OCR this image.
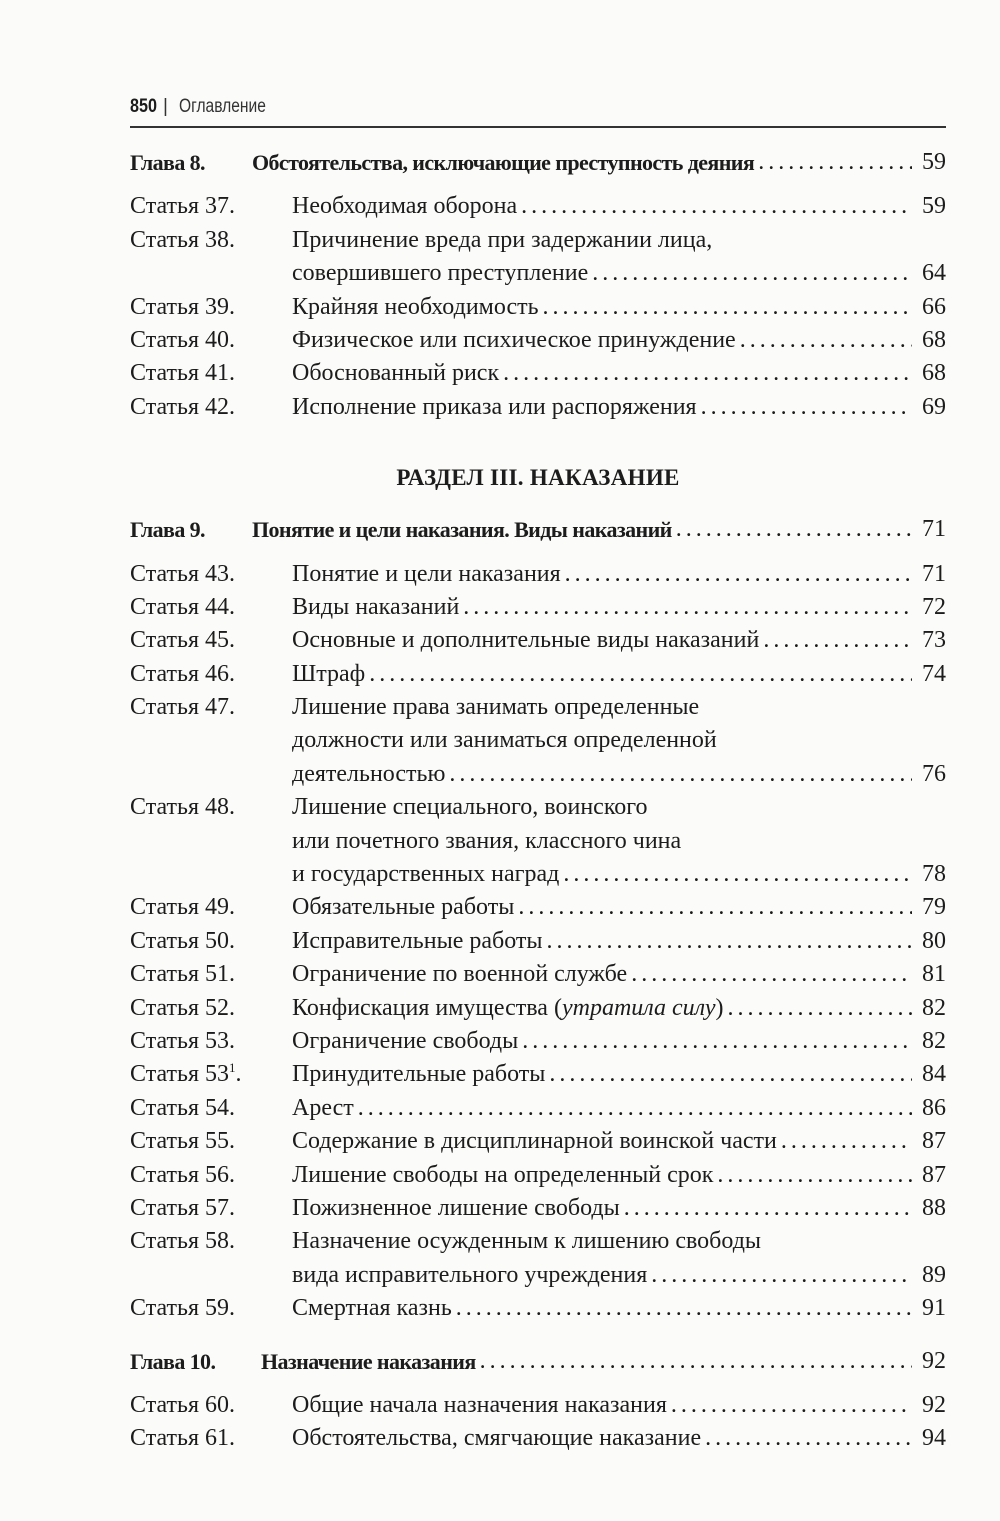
850 | Оглавление
Глава 8.	Обстоятельства, исключающие преступность деяния . . .	59
Статья 37.	Необходимая оборона . . .	59
Статья 38.	Причинение вреда при задержании лица,
совершившего преступление . . .	64
Статья 39.	Крайняя необходимость . . .	66
Статья 40.	Физическое или психическое принуждение . . .	68
Статья 41.	Обоснованный риск . . .	68
Статья 42.	Исполнение приказа или распоряжения . . .	69
РАЗДЕЛ III. НАКАЗАНИЕ
Глава 9.	Понятие и цели наказания. Виды наказаний . . .	71
Статья 43.	Понятие и цели наказания . . .	71
Статья 44.	Виды наказаний . . .	72
Статья 45.	Основные и дополнительные виды наказаний . . .	73
Статья 46.	Штраф . . .	74
Статья 47.	Лишение права занимать определенные
должности или заниматься определенной
деятельностью . . .	76
Статья 48.	Лишение специального, воинского
или почетного звания, классного чина
и государственных наград . . .	78
Статья 49.	Обязательные работы . . .	79
Статья 50.	Исправительные работы . . .	80
Статья 51.	Ограничение по военной службе . . .	81
Статья 52.	Конфискация имущества (утратила силу) . . .	82
Статья 53.	Ограничение свободы . . .	82
Статья $53^1$.	Принудительные работы . . .	84
Статья 54.	Арест . . .	86
Статья 55.	Содержание в дисциплинарной воинской части . . .	87
Статья 56.	Лишение свободы на определенный срок . . .	87
Статья 57.	Пожизненное лишение свободы . . .	88
Статья 58.	Назначение осужденным к лишению свободы
вида исправительного учреждения . . .	89
Статья 59.	Смертная казнь . . .	91
Глава 10.	Назначение наказания . . .	92
Статья 60.	Общие начала назначения наказания . . .	92
Статья 61.	Обстоятельства, смягчающие наказание . . .	94
